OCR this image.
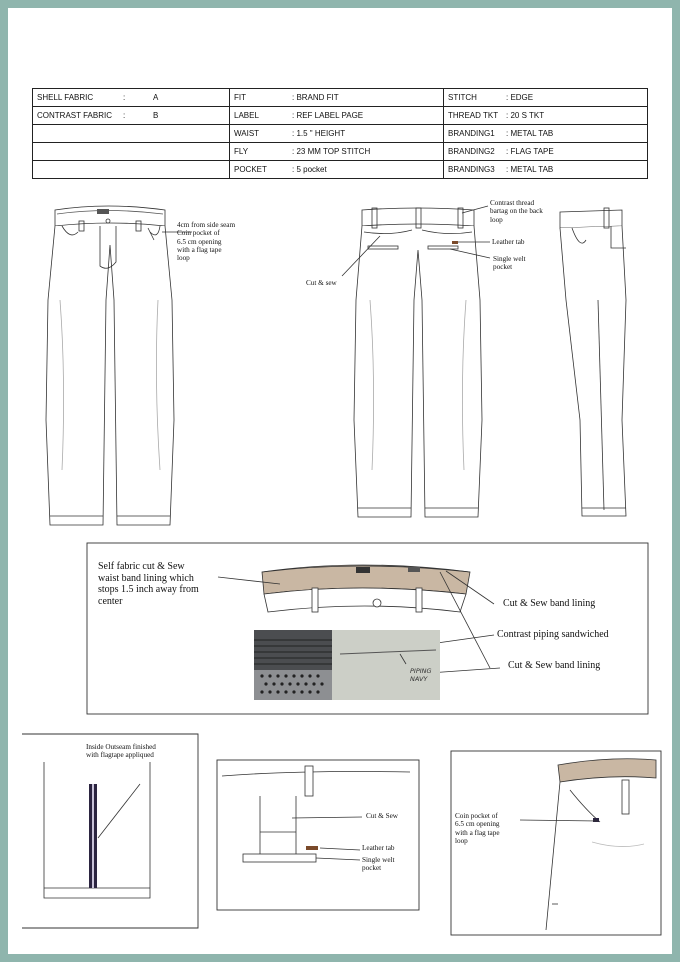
SHELL FABRIC : A	FIT : BRAND FIT	STITCH : EDGE
CONTRAST FABRIC : B	LABEL : REF LABEL PAGE	THREAD TKT : 20 S TKT
	WAIST : 1.5 " HEIGHT	BRANDING1 : METAL TAB
	FLY : 23 MM TOP STITCH	BRANDING2 : FLAG TAPE
	POCKET : 5 pocket	BRANDING3 : METAL TAB
4cm from side seam
Coin pocket of
6.5 cm opening
with a flag tape
loop
Cut & sew
Contrast thread
bartag on the back
loop
Leather tab
Single welt
pocket
Self fabric cut & Sew
waist band lining which
stops 1.5 inch away from
center	Cut & Sew band lining
Contrast piping sandwiched
Cut & Sew band lining
PIPING
NAVY
Inside Outseam finished
with flagtape appliqued
Cut & Sew
Leather tab
Single welt
pocket
Coin pocket of
6.5 cm opening
with a flag tape
loop
